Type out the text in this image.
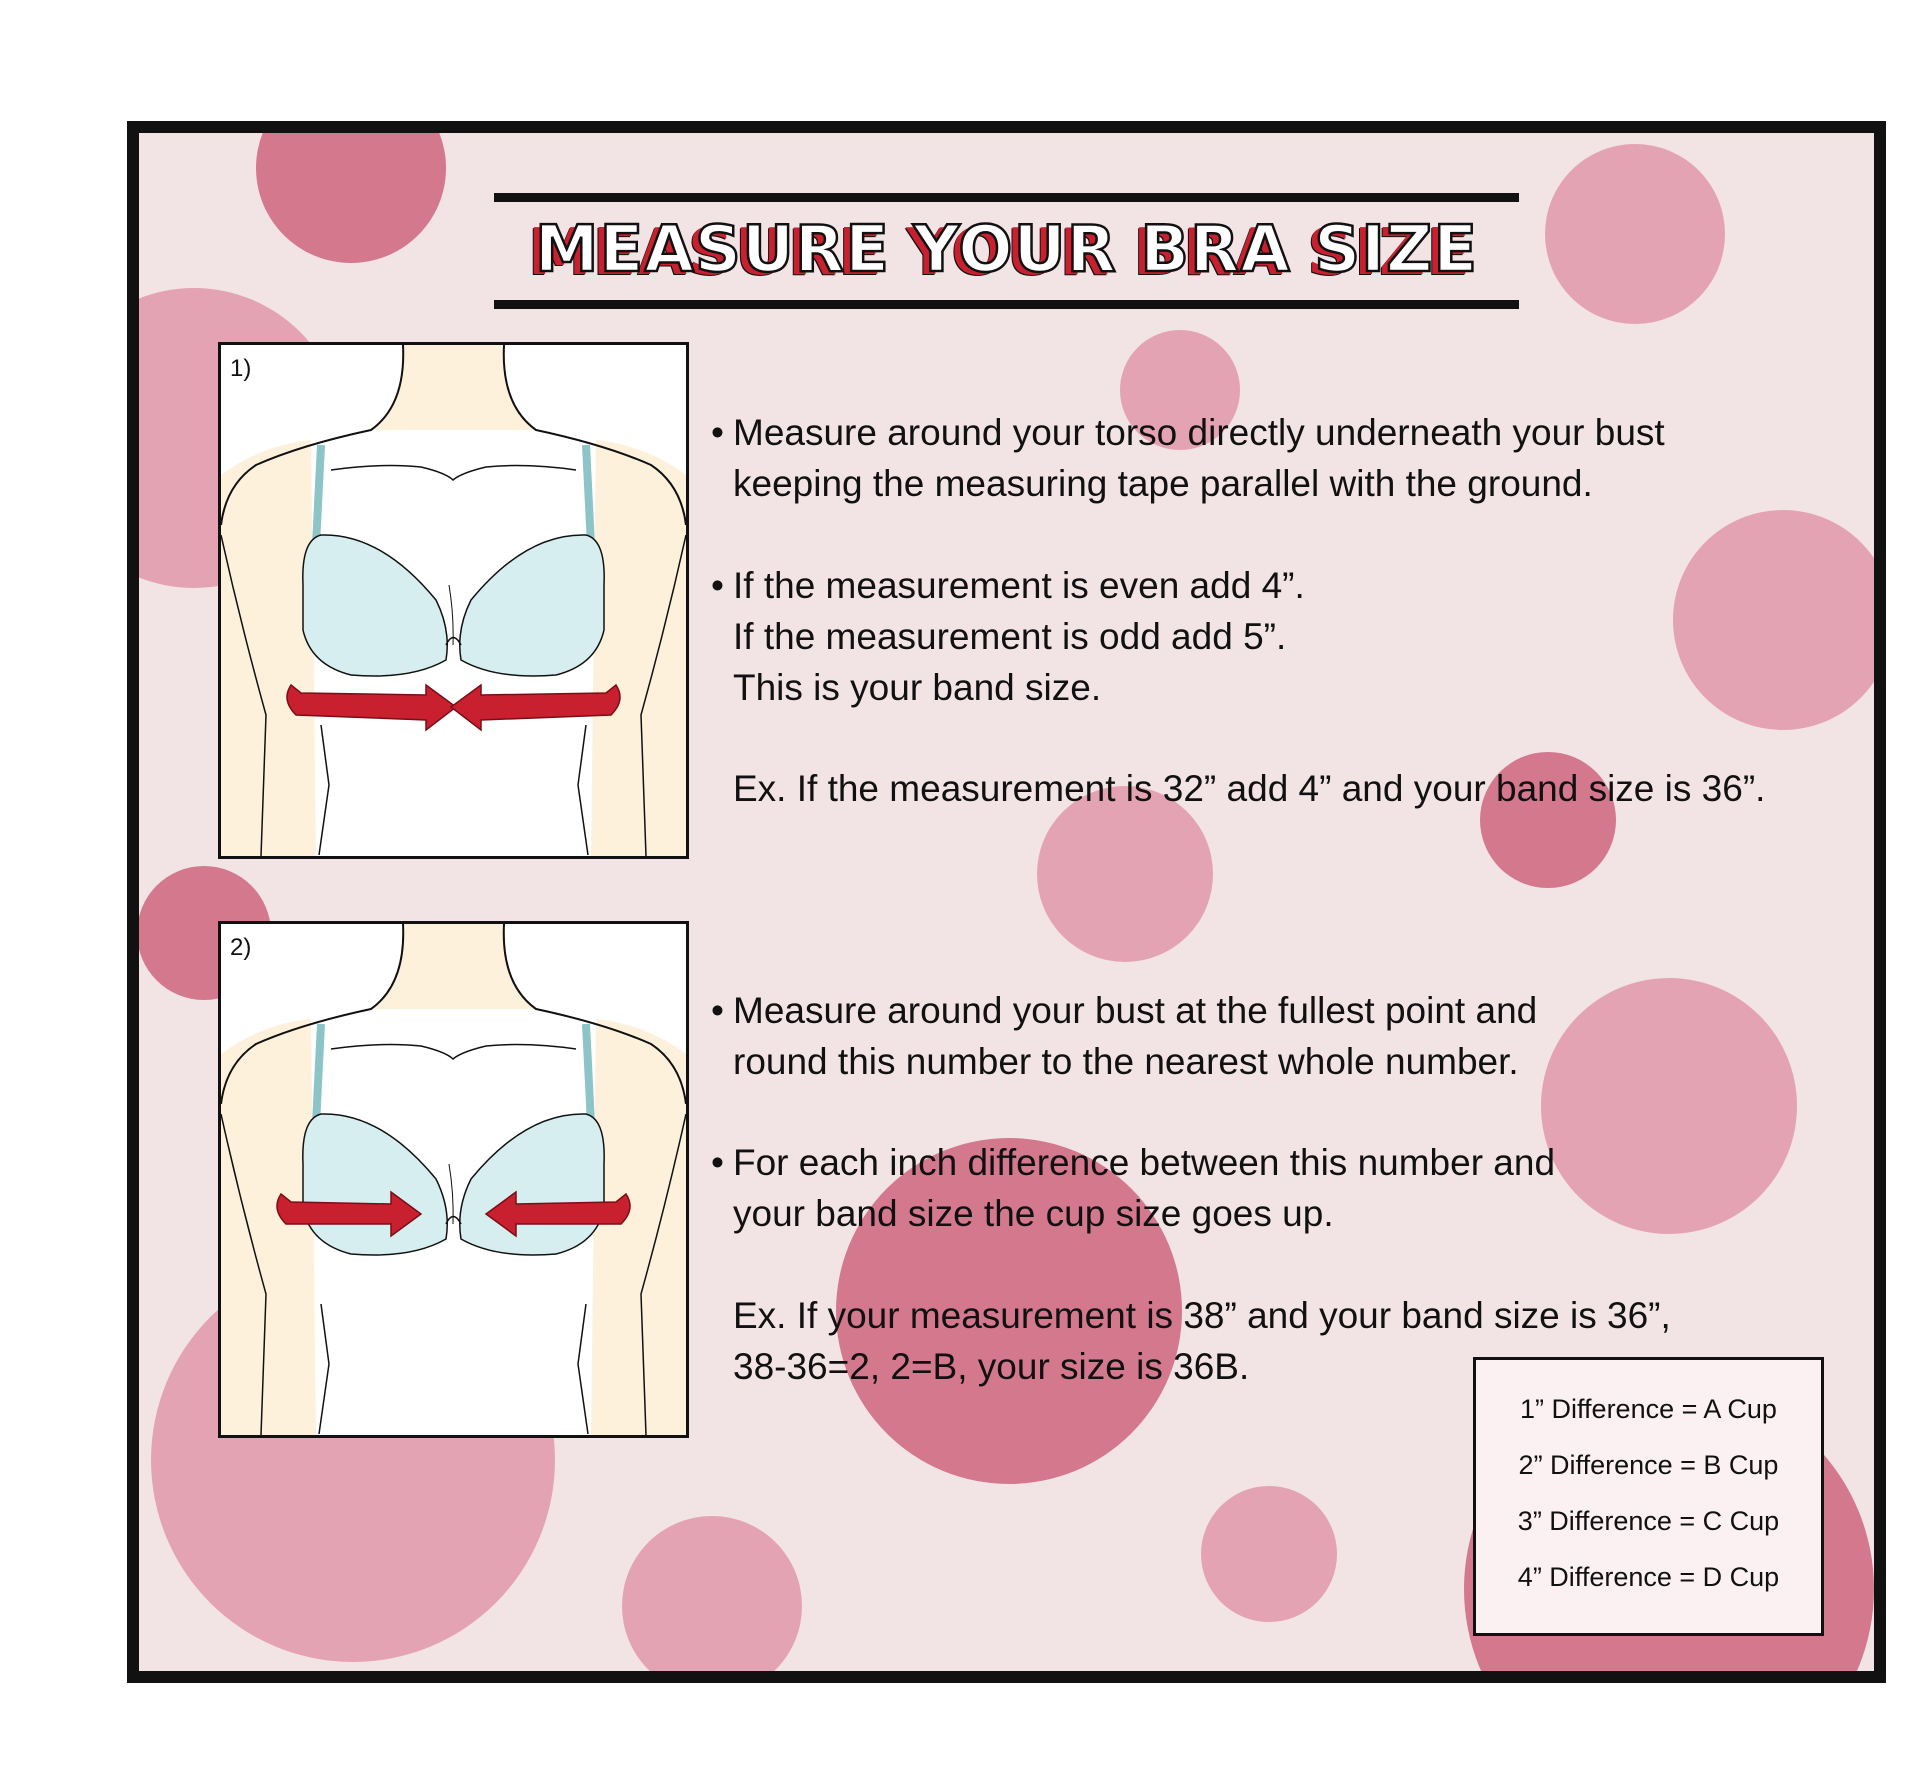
MEASURE YOUR BRA SIZE
1)
2)
• Measure around your torso directly underneath your bust
keeping the measuring tape parallel with the ground.
• If the measurement is even add 4”.
If the measurement is odd add 5”.
This is your band size.
Ex. If the measurement is 32” add 4” and your band size is 36”.
• Measure around your bust at the fullest point and
round this number to the nearest whole number.
• For each inch difference between this number and
your band size the cup size goes up.
Ex. If your measurement is 38” and your band size is 36”,
38-36=2, 2=B, your size is 36B.
1” Difference = A Cup
2” Difference = B Cup
3” Difference = C Cup
4” Difference = D Cup
